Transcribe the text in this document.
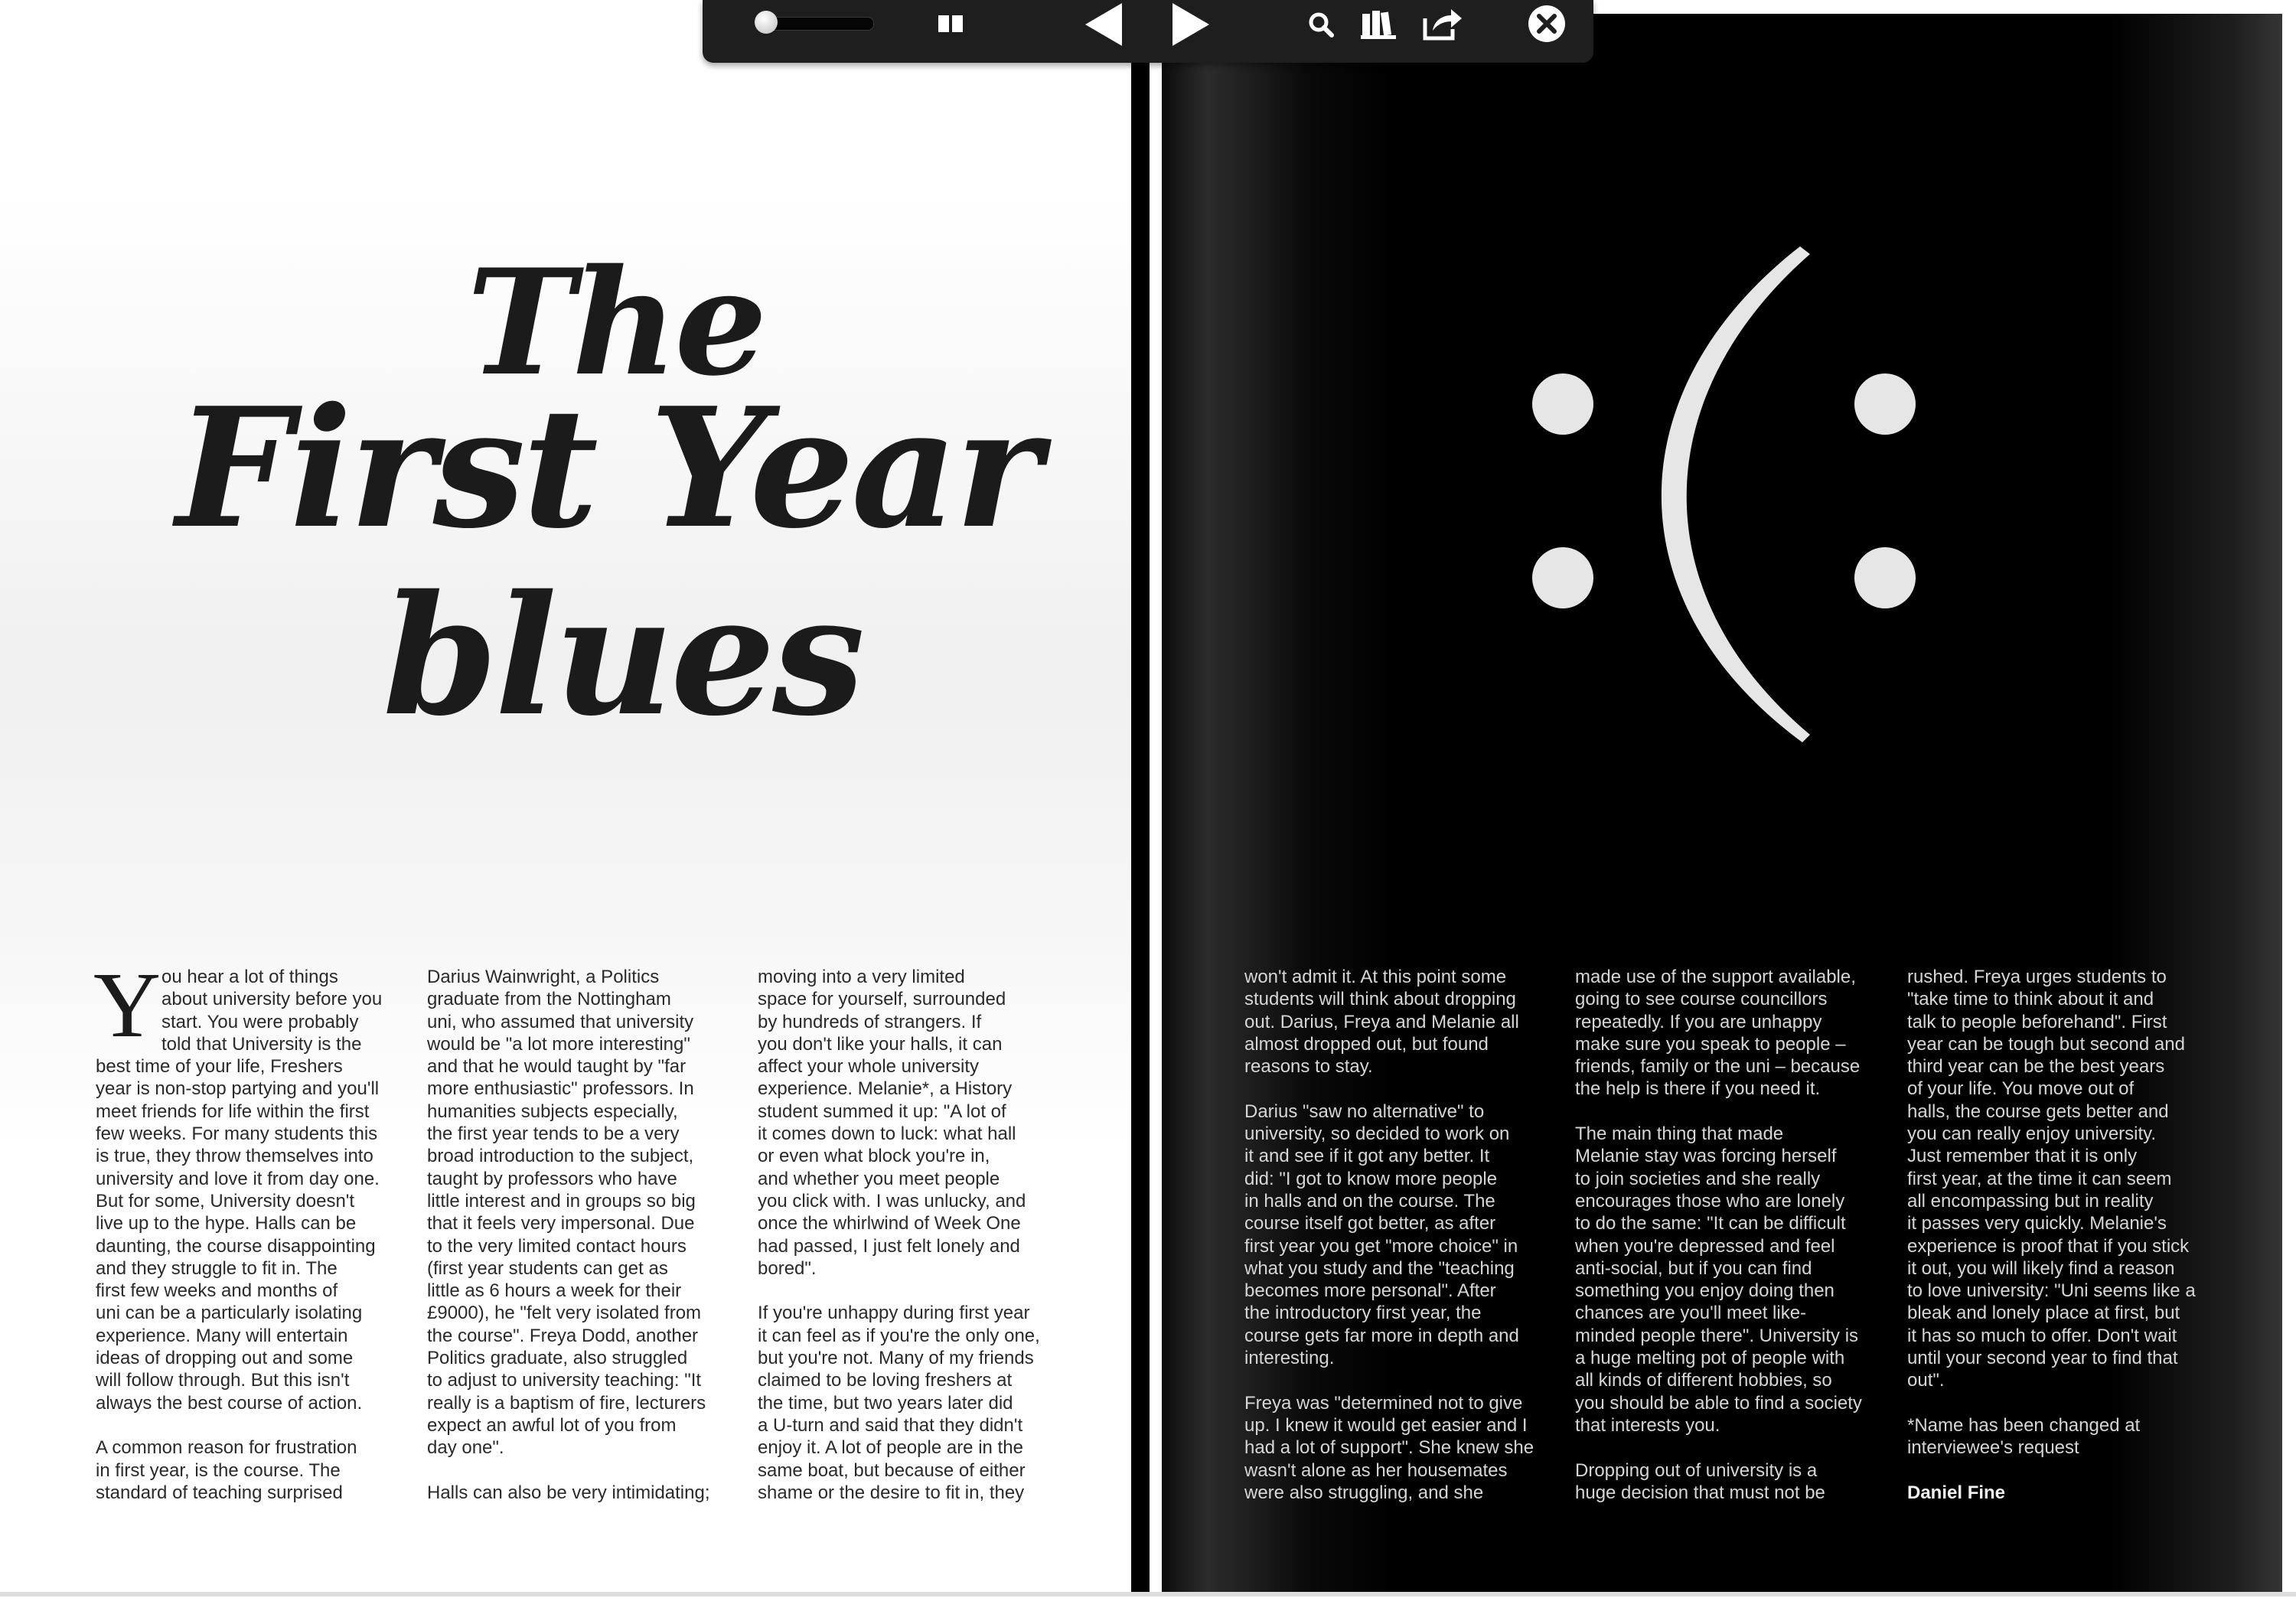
The
First Year
blues
Y ou hear a lot of things
about university before you
start. You were probably
told that University is the
best time of your life, Freshers
year is non-stop partying and you'll
meet friends for life within the first
few weeks. For many students this
is true, they throw themselves into
university and love it from day one.
But for some, University doesn't
live up to the hype. Halls can be
daunting, the course disappointing
and they struggle to fit in. The
first few weeks and months of
uni can be a particularly isolating
experience. Many will entertain
ideas of dropping out and some
will follow through. But this isn't
always the best course of action.

A common reason for frustration
in first year, is the course. The
standard of teaching surprised
Darius Wainwright, a Politics
graduate from the Nottingham
uni, who assumed that university
would be "a lot more interesting"
and that he would taught by "far
more enthusiastic" professors. In
humanities subjects especially,
the first year tends to be a very
broad introduction to the subject,
taught by professors who have
little interest and in groups so big
that it feels very impersonal. Due
to the very limited contact hours
(first year students can get as
little as 6 hours a week for their
£9000), he "felt very isolated from
the course". Freya Dodd, another
Politics graduate, also struggled
to adjust to university teaching: "It
really is a baptism of fire, lecturers
expect an awful lot of you from
day one".

Halls can also be very intimidating;
moving into a very limited
space for yourself, surrounded
by hundreds of strangers. If
you don't like your halls, it can
affect your whole university
experience. Melanie*, a History
student summed it up: "A lot of
it comes down to luck: what hall
or even what block you're in,
and whether you meet people
you click with. I was unlucky, and
once the whirlwind of Week One
had passed, I just felt lonely and
bored".

If you're unhappy during first year
it can feel as if you're the only one,
but you're not. Many of my friends
claimed to be loving freshers at
the time, but two years later did
a U-turn and said that they didn't
enjoy it. A lot of people are in the
same boat, but because of either
shame or the desire to fit in, they
won't admit it. At this point some
students will think about dropping
out. Darius, Freya and Melanie all
almost dropped out, but found
reasons to stay.

Darius "saw no alternative" to
university, so decided to work on
it and see if it got any better. It
did: "I got to know more people
in halls and on the course. The
course itself got better, as after
first year you get "more choice" in
what you study and the "teaching
becomes more personal". After
the introductory first year, the
course gets far more in depth and
interesting.

Freya was "determined not to give
up. I knew it would get easier and I
had a lot of support". She knew she
wasn't alone as her housemates
were also struggling, and she
made use of the support available,
going to see course councillors
repeatedly. If you are unhappy
make sure you speak to people –
friends, family or the uni – because
the help is there if you need it.

The main thing that made
Melanie stay was forcing herself
to join societies and she really
encourages those who are lonely
to do the same: "It can be difficult
when you're depressed and feel
anti-social, but if you can find
something you enjoy doing then
chances are you'll meet like-
minded people there". University is
a huge melting pot of people with
all kinds of different hobbies, so
you should be able to find a society
that interests you.

Dropping out of university is a
huge decision that must not be
rushed. Freya urges students to
"take time to think about it and
talk to people beforehand". First
year can be tough but second and
third year can be the best years
of your life. You move out of
halls, the course gets better and
you can really enjoy university.
Just remember that it is only
first year, at the time it can seem
all encompassing but in reality
it passes very quickly. Melanie's
experience is proof that if you stick
it out, you will likely find a reason
to love university: "Uni seems like a
bleak and lonely place at first, but
it has so much to offer. Don't wait
until your second year to find that
out".

*Name has been changed at
interviewee's request

Daniel Fine
